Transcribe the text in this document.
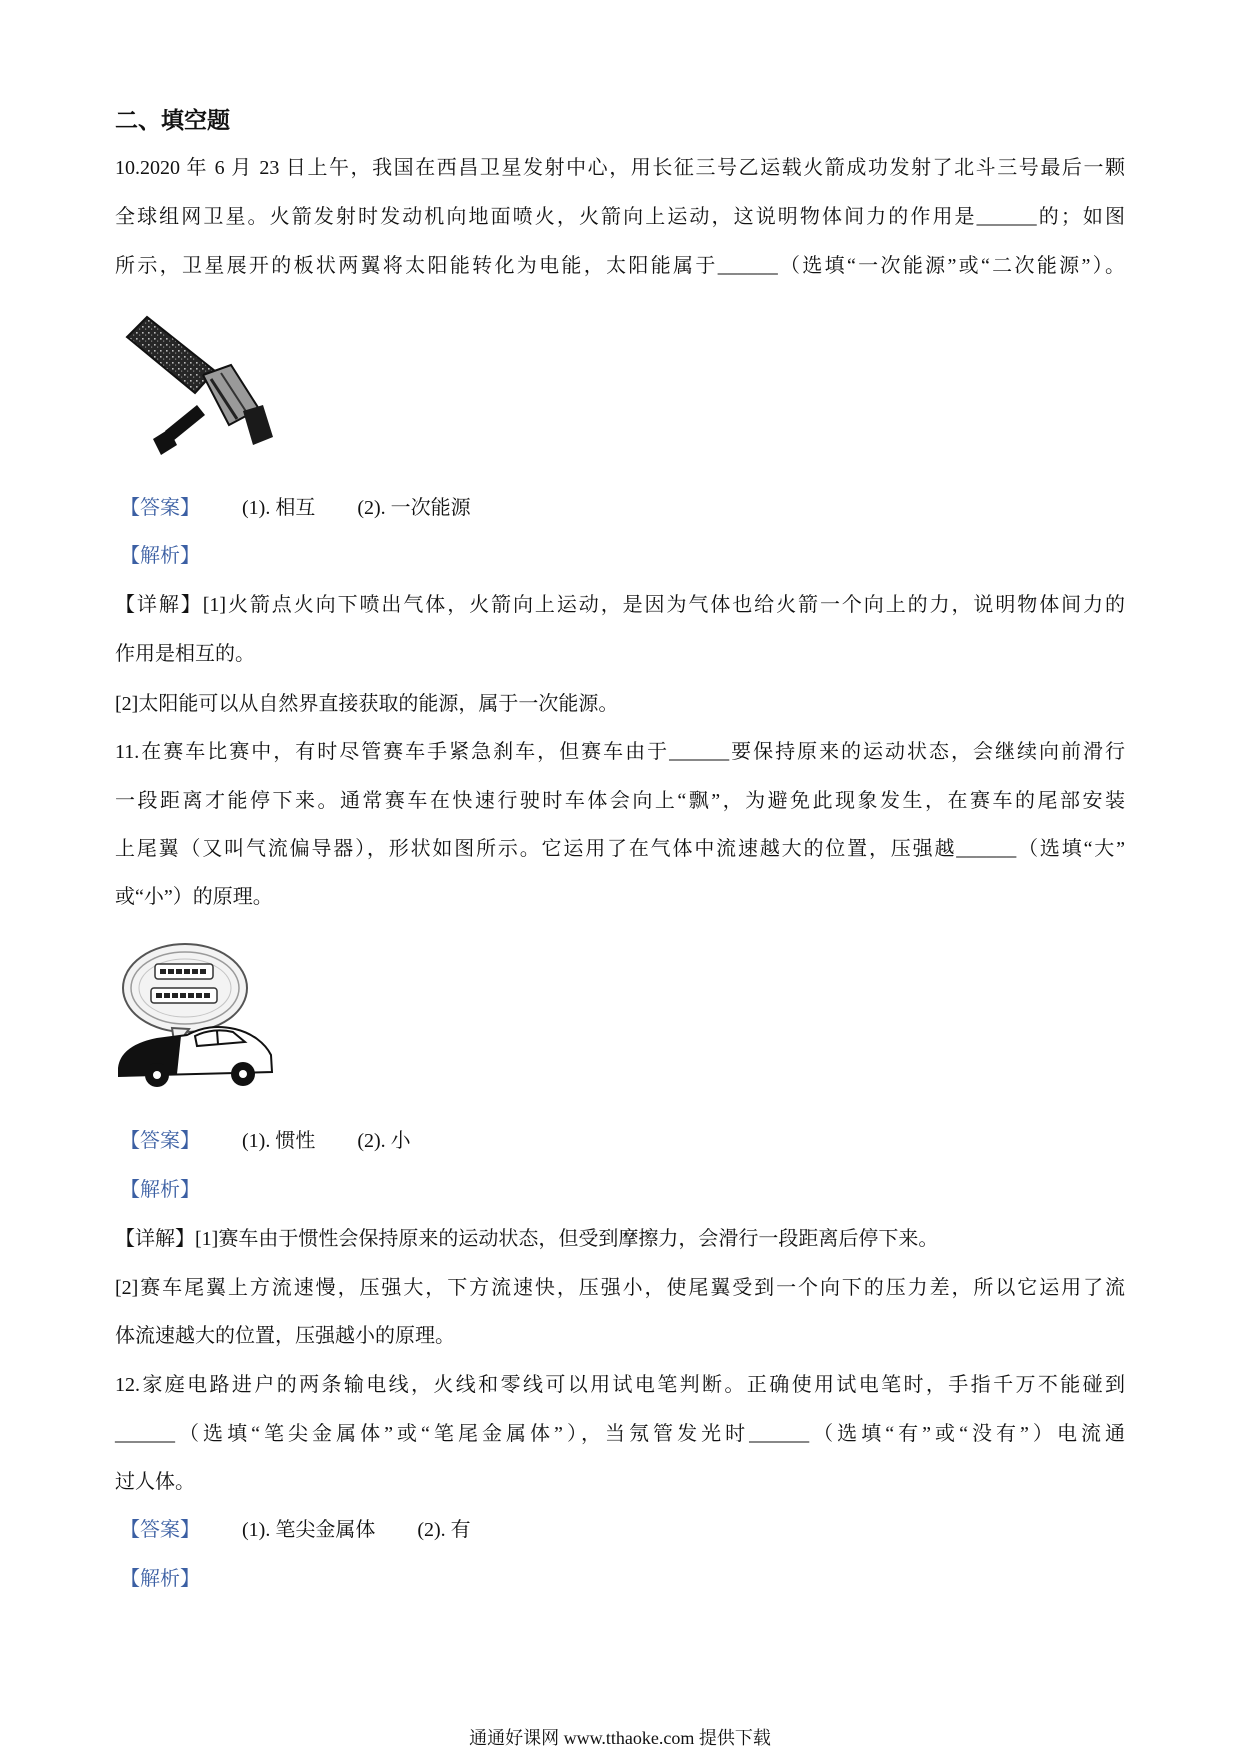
二、填空题
10.2020 年 6 月 23 日上午，我国在西昌卫星发射中心，用长征三号乙运载火箭成功发射了北斗三号最后一颗
全球组网卫星。火箭发射时发动机向地面喷火，火箭向上运动，这说明物体间力的作用是______的；如图
所示，卫星展开的板状两翼将太阳能转化为电能，太阳能属于______（选填“一次能源”或“二次能源”）。
【答案】 (1). 相互 (2). 一次能源
【解析】
【详解】[1]火箭点火向下喷出气体，火箭向上运动，是因为气体也给火箭一个向上的力，说明物体间力的
作用是相互的。
[2]太阳能可以从自然界直接获取的能源，属于一次能源。
11.在赛车比赛中，有时尽管赛车手紧急刹车，但赛车由于______要保持原来的运动状态，会继续向前滑行
一段距离才能停下来。通常赛车在快速行驶时车体会向上“飘”，为避免此现象发生，在赛车的尾部安装
上尾翼（又叫气流偏导器），形状如图所示。它运用了在气体中流速越大的位置，压强越______（选填“大”
或“小”）的原理。
【答案】 (1). 惯性 (2). 小
【解析】
【详解】[1]赛车由于惯性会保持原来的运动状态，但受到摩擦力，会滑行一段距离后停下来。
[2]赛车尾翼上方流速慢，压强大，下方流速快，压强小，使尾翼受到一个向下的压力差，所以它运用了流
体流速越大的位置，压强越小的原理。
12.家庭电路进户的两条输电线，火线和零线可以用试电笔判断。正确使用试电笔时，手指千万不能碰到
______（选填“笔尖金属体”或“笔尾金属体”），当氖管发光时______（选填“有”或“没有”）电流通
过人体。
【答案】 (1). 笔尖金属体 (2). 有
【解析】
通通好课网 www.tthaoke.com 提供下载
